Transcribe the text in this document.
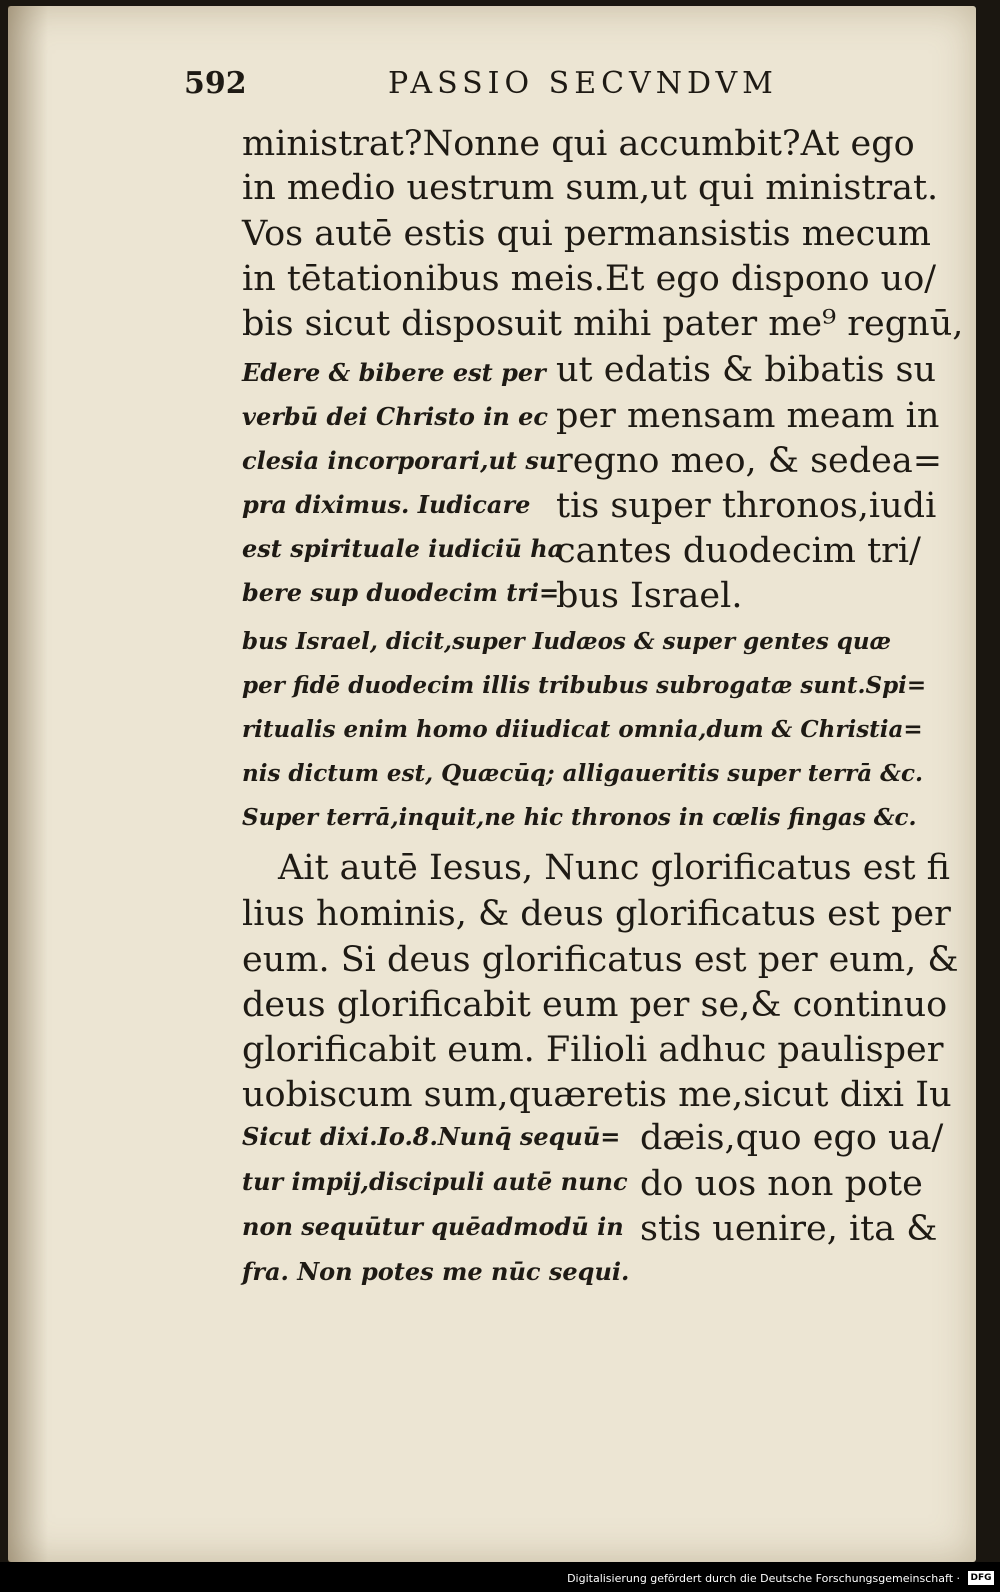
592	PASSIO SECVNDVM
ministrat?Nonne qui accumbit?At ego
in medio uestrum sum,ut qui ministrat.
Vos autē estis qui permansistis mecum
in tētationibus meis.Et ego dispono uo/
bis sicut disposuit mihi pater me⁹ regnū,
Edere & bibere est per
verbū dei Christo in ec
clesia incorporari,ut su
pra diximus. Iudicare
est spirituale iudiciū ha
bere sup duodecim tri=
ut edatis & bibatis su
per mensam meam in
regno meo, & sedea=
tis super thronos,iudi
cantes duodecim tri/
bus Israel.
bus Israel, dicit,super Iudæos & super gentes quæ
per fidē duodecim illis tribubus subrogatæ sunt.Spi=
ritualis enim homo diiudicat omnia,dum & Christia=
nis dictum est, Quæcūq; alligaueritis super terrā &c.
Super terrā,inquit,ne hic thronos in cœlis fingas &c.
Ait autē Iesus, Nunc glorificatus est fi
lius hominis, & deus glorificatus est per
eum. Si deus glorificatus est per eum, &
deus glorificabit eum per se,& continuo
glorificabit eum. Filioli adhuc paulisper
uobiscum sum,quæretis me,sicut dixi Iu
Sicut dixi.Io.8.Nunq̄ sequū=
tur impij,discipuli autē nunc
non sequūtur quēadmodū in
fra. Non potes me nūc sequi.
dæis,quo ego ua/
do uos non pote
stis uenire, ita &
Digitalisierung gefördert durch die Deutsche Forschungsgemeinschaft · DFG
